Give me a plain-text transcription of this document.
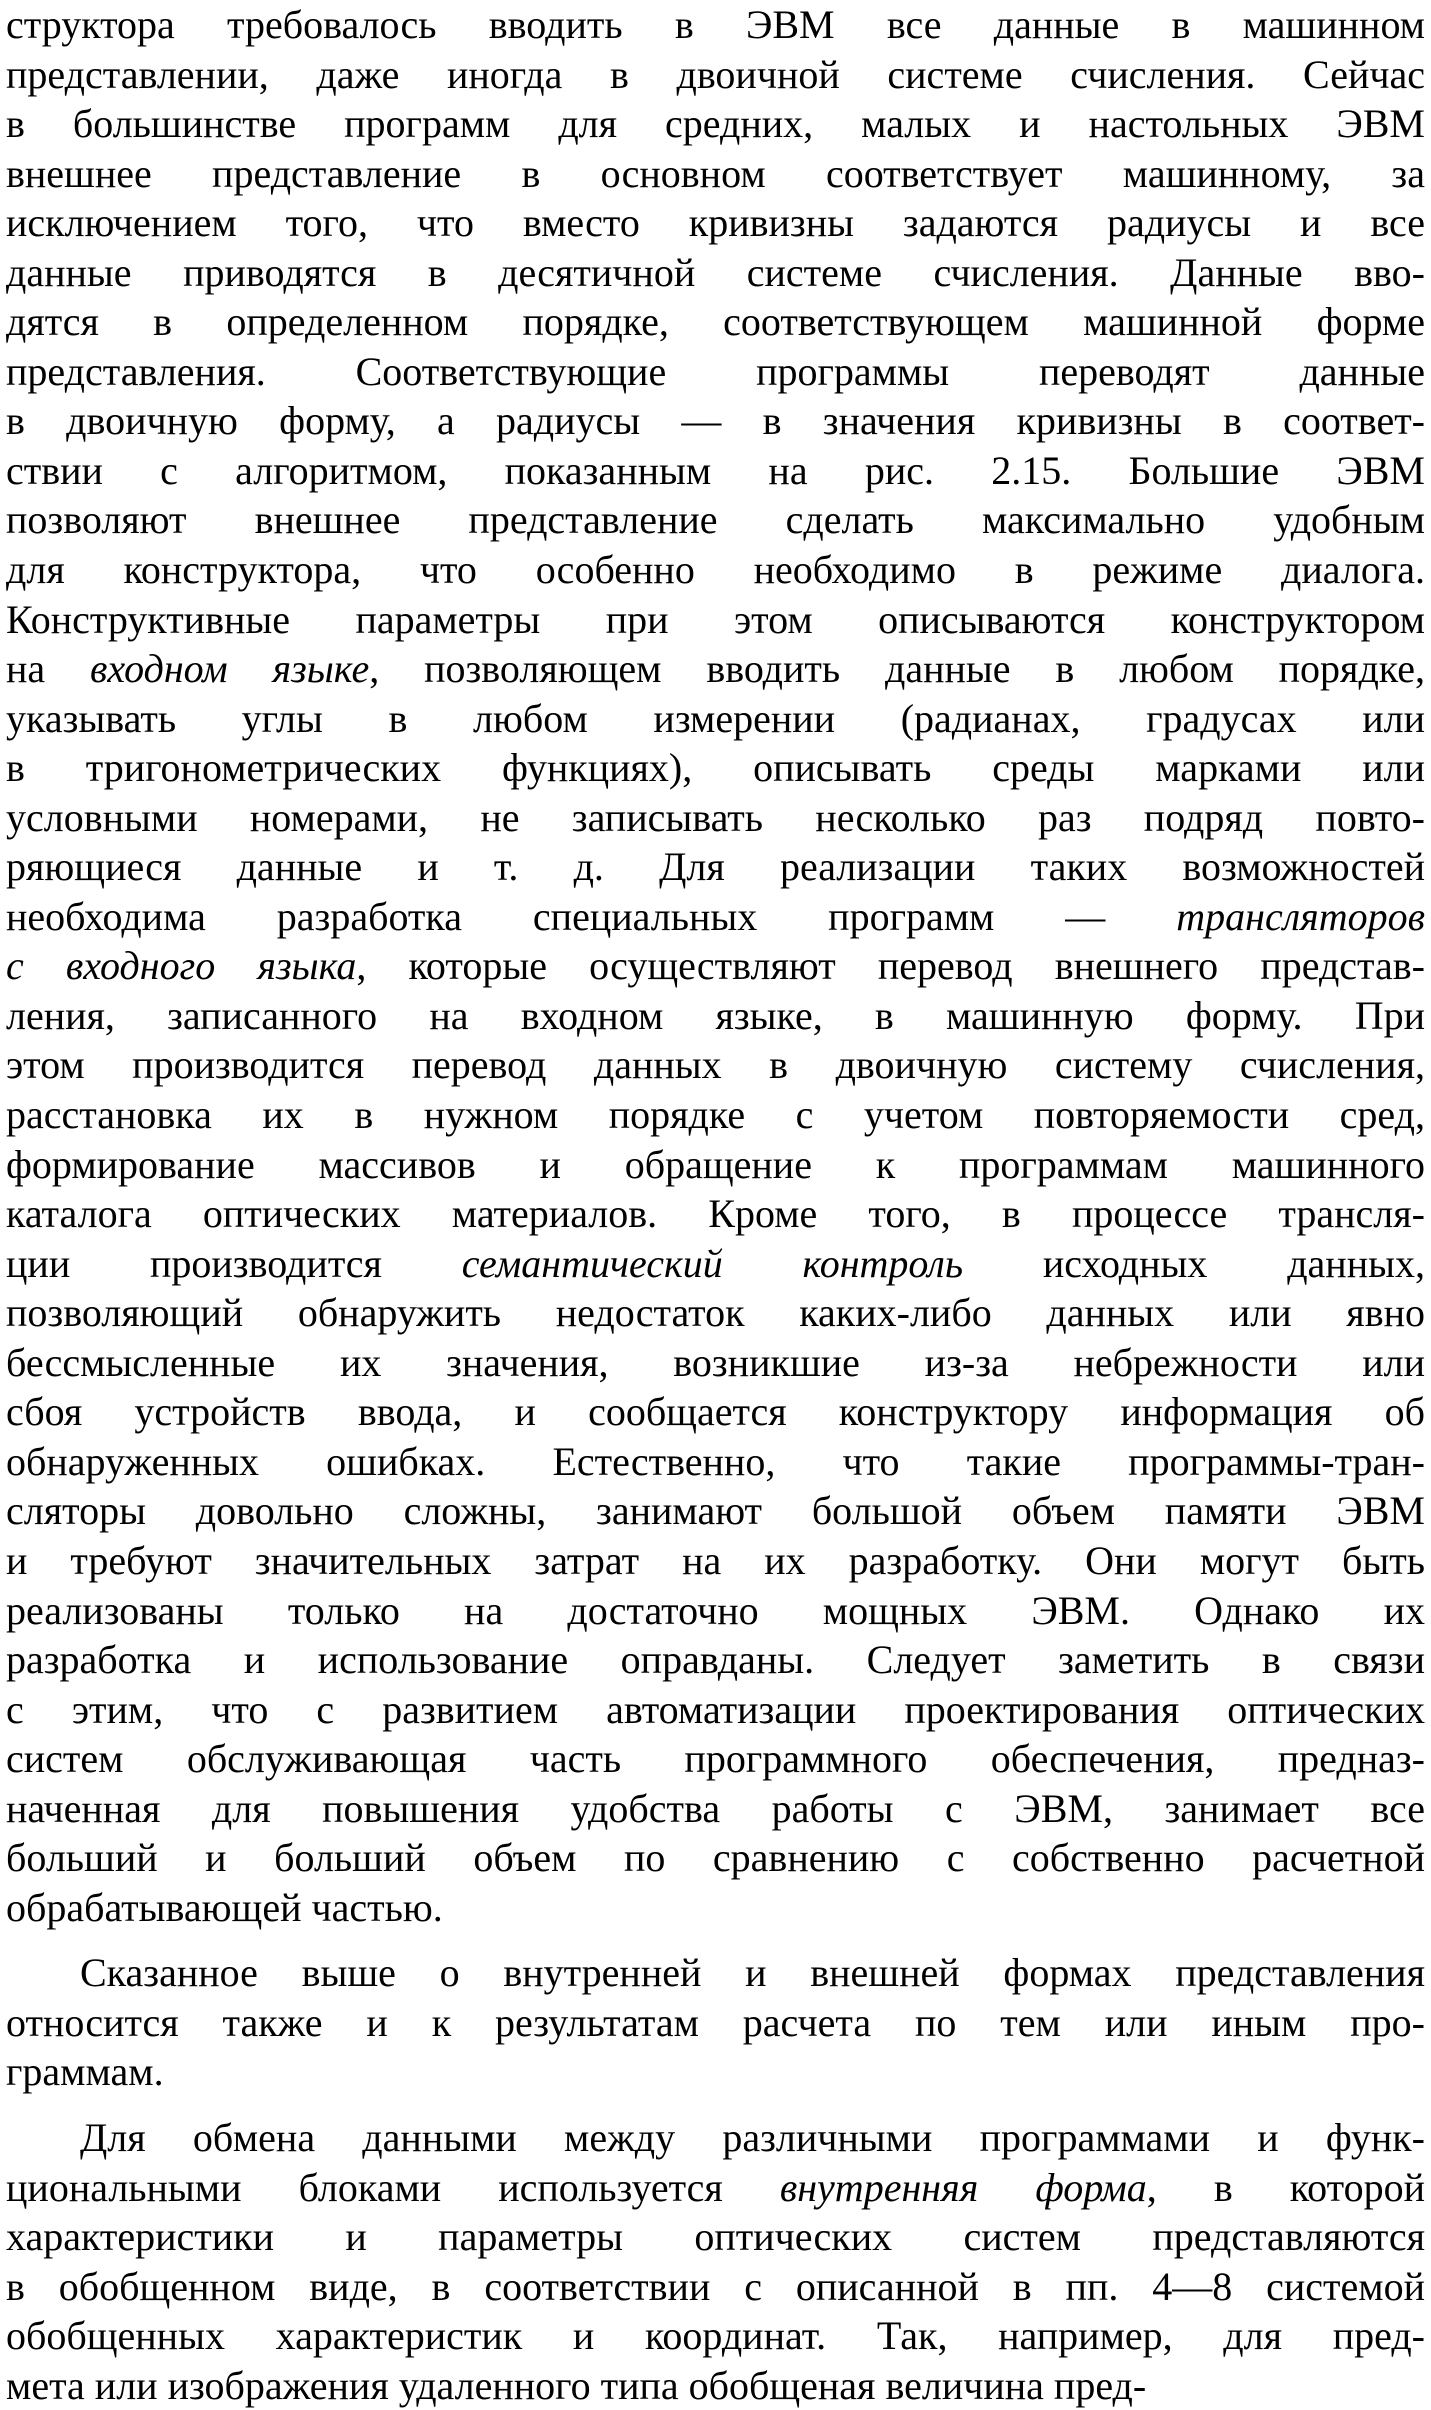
структора требовалось вводить в ЭВМ все данные в машинном
представлении, даже иногда в двоичной системе счисления. Сейчас
в большинстве программ для средних, малых и настольных ЭВМ
внешнее представление в основном соответствует машинному, за
исключением того, что вместо кривизны задаются радиусы и все
данные приводятся в десятичной системе счисления. Данные вво-
дятся в определенном порядке, соответствующем машинной форме
представления. Соответствующие программы переводят данные
в двоичную форму, а радиусы — в значения кривизны в соответ-
ствии с алгоритмом, показанным на рис. 2.15. Большие ЭВМ
позволяют внешнее представление сделать максимально удобным
для конструктора, что особенно необходимо в режиме диалога.
Конструктивные параметры при этом описываются конструктором
на входном языке, позволяющем вводить данные в любом порядке,
указывать углы в любом измерении (радианах, градусах или
в тригонометрических функциях), описывать среды марками или
условными номерами, не записывать несколько раз подряд повто-
ряющиеся данные и т. д. Для реализации таких возможностей
необходима разработка специальных программ — трансляторов
с входного языка, которые осуществляют перевод внешнего представ-
ления, записанного на входном языке, в машинную форму. При
этом производится перевод данных в двоичную систему счисления,
расстановка их в нужном порядке с учетом повторяемости сред,
формирование массивов и обращение к программам машинного
каталога оптических материалов. Кроме того, в процессе трансля-
ции производится семантический контроль исходных данных,
позволяющий обнаружить недостаток каких-либо данных или явно
бессмысленные их значения, возникшие из-за небрежности или
сбоя устройств ввода, и сообщается конструктору информация об
обнаруженных ошибках. Естественно, что такие программы-тран-
сляторы довольно сложны, занимают большой объем памяти ЭВМ
и требуют значительных затрат на их разработку. Они могут быть
реализованы только на достаточно мощных ЭВМ. Однако их
разработка и использование оправданы. Следует заметить в связи
с этим, что с развитием автоматизации проектирования оптических
систем обслуживающая часть программного обеспечения, предназ-
наченная для повышения удобства работы с ЭВМ, занимает все
больший и больший объем по сравнению с собственно расчетной
обрабатывающей частью.
Сказанное выше о внутренней и внешней формах представления
относится также и к результатам расчета по тем или иным про-
граммам.
Для обмена данными между различными программами и функ-
циональными блоками используется внутренняя форма, в которой
характеристики и параметры оптических систем представляются
в обобщенном виде, в соответствии с описанной в пп. 4—8 системой
обобщенных характеристик и координат. Так, например, для пред-
мета или изображения удаленного типа обобщеная величина пред-
